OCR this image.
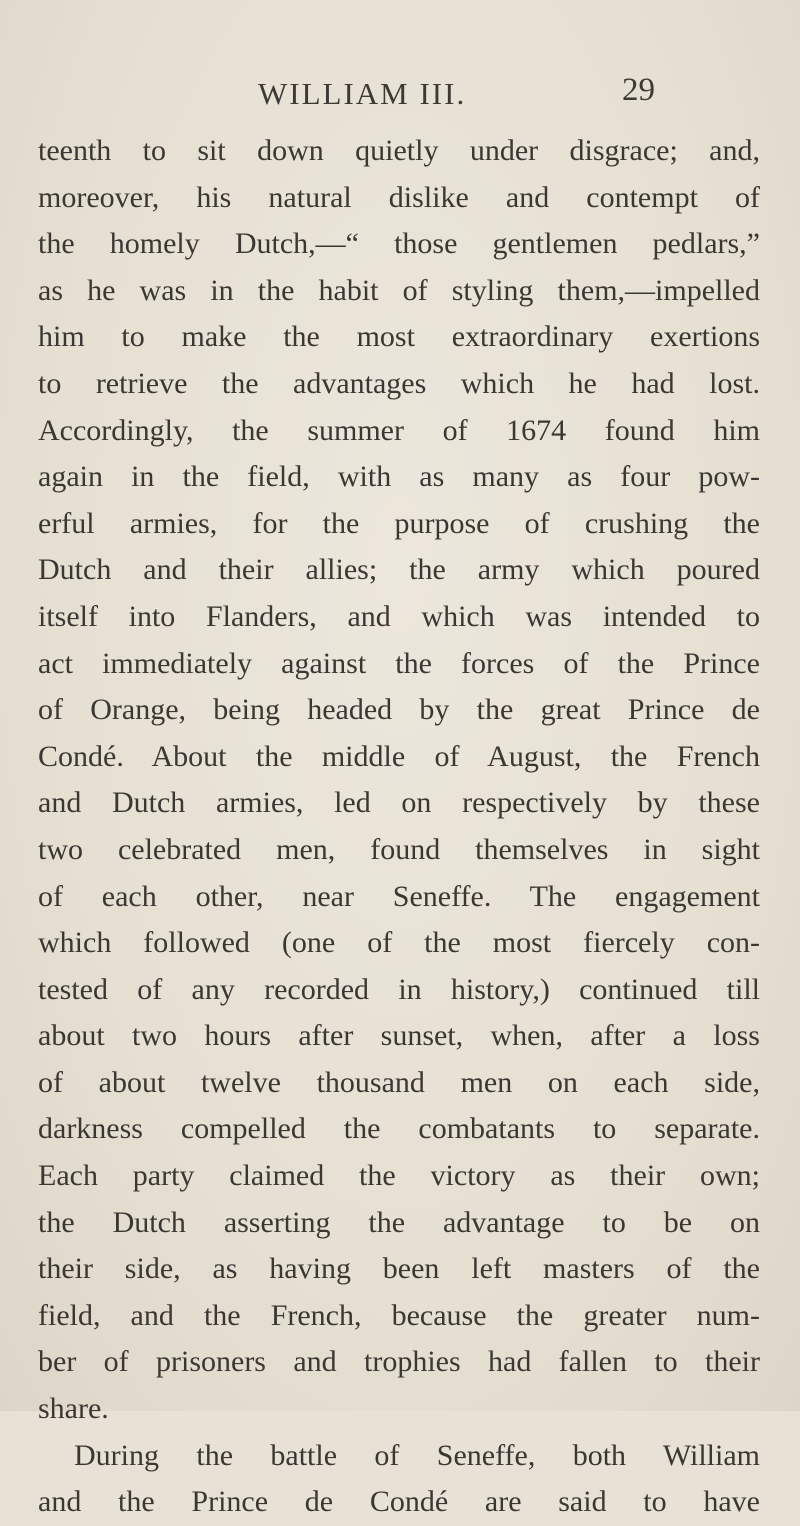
WILLIAM III.	29
teenth to sit down quietly under disgrace; and,
moreover, his natural dislike and contempt of
the homely Dutch,—“ those gentlemen pedlars,”
as he was in the habit of styling them,—impelled
him to make the most extraordinary exertions
to retrieve the advantages which he had lost.
Accordingly, the summer of 1674 found him
again in the field, with as many as four pow-
erful armies, for the purpose of crushing the
Dutch and their allies; the army which poured
itself into Flanders, and which was intended to
act immediately against the forces of the Prince
of Orange, being headed by the great Prince de
Condé. About the middle of August, the French
and Dutch armies, led on respectively by these
two celebrated men, found themselves in sight
of each other, near Seneffe. The engagement
which followed (one of the most fiercely con-
tested of any recorded in history,) continued till
about two hours after sunset, when, after a loss
of about twelve thousand men on each side,
darkness compelled the combatants to separate.
Each party claimed the victory as their own;
the Dutch asserting the advantage to be on
their side, as having been left masters of the
field, and the French, because the greater num-
ber of prisoners and trophies had fallen to their
share.
During the battle of Seneffe, both William
and the Prince de Condé are said to have
